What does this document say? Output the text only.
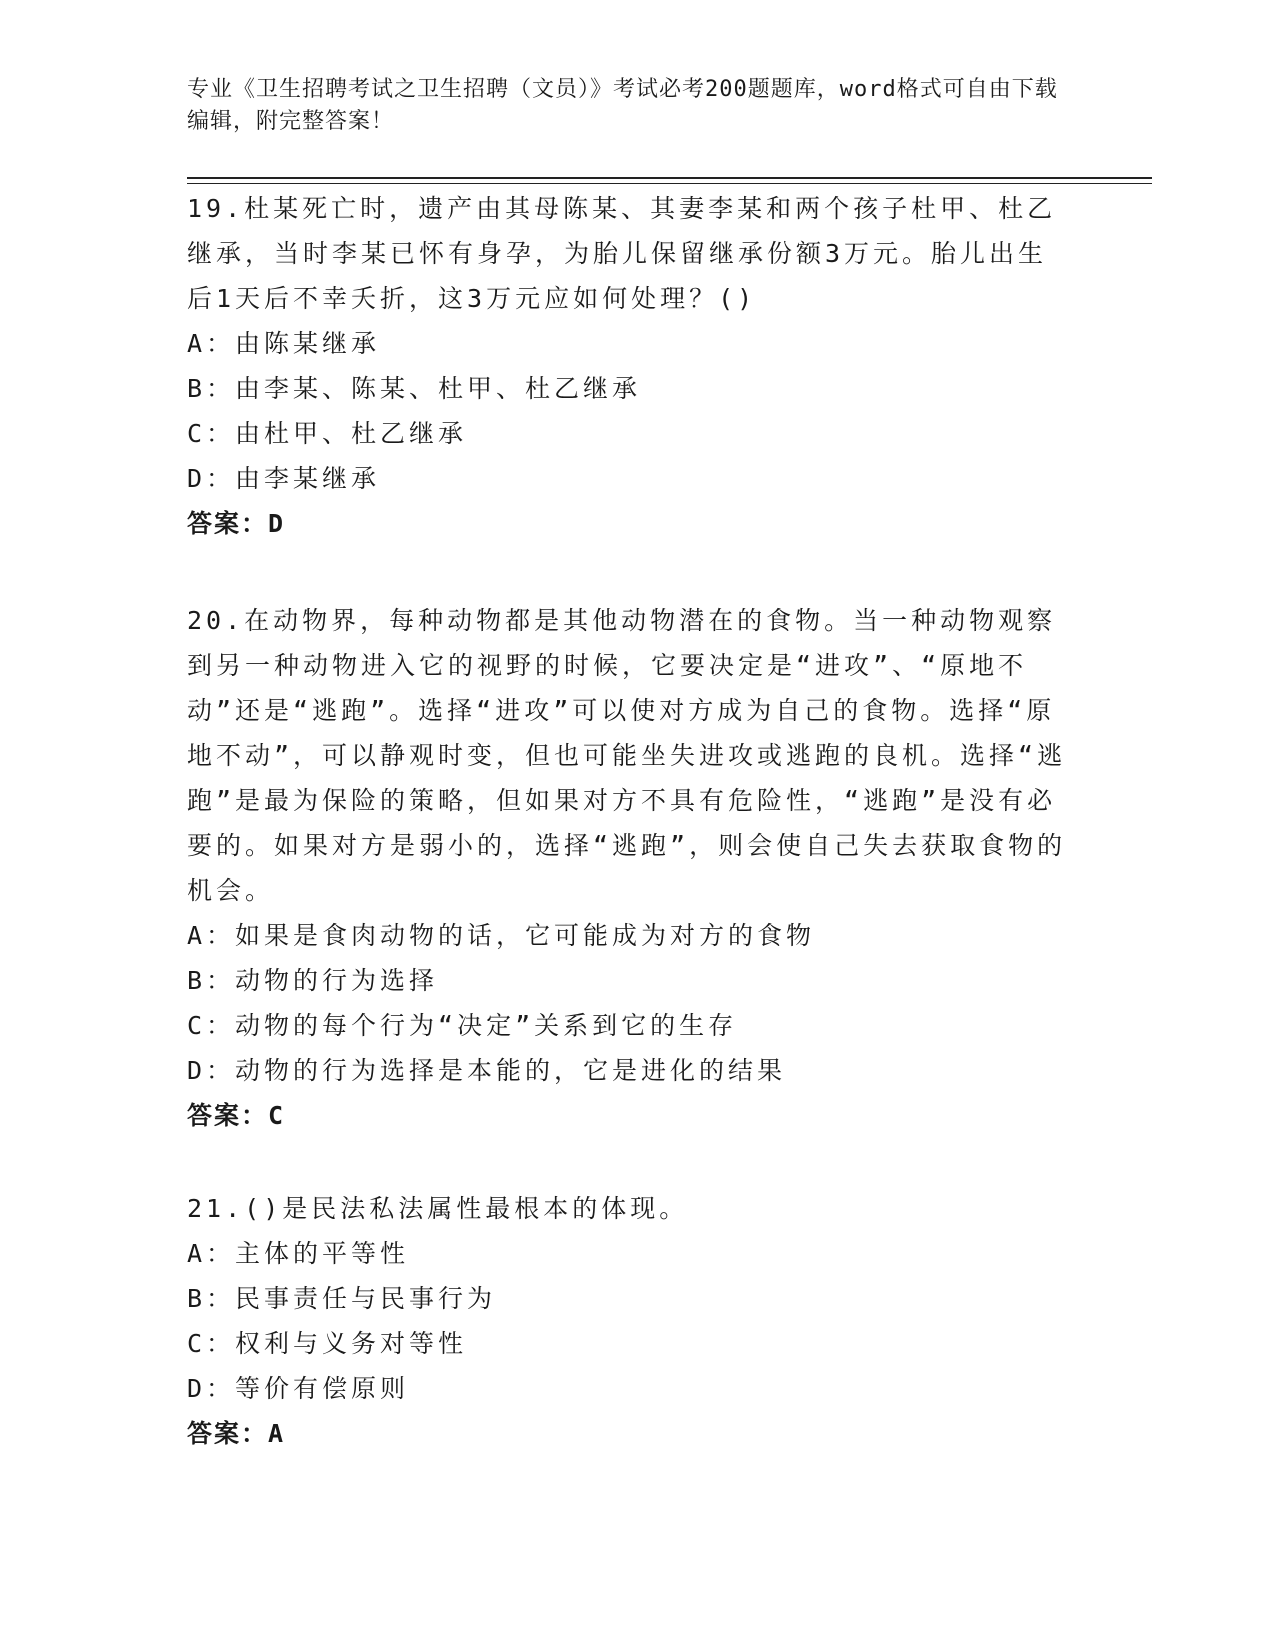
专业《卫生招聘考试之卫生招聘（文员）》考试必考200题题库，word格式可自由下载编辑，附完整答案！

19.杜某死亡时，遗产由其母陈某、其妻李某和两个孩子杜甲、杜乙继承，当时李某已怀有身孕，为胎儿保留继承份额3万元。胎儿出生后1天后不幸夭折，这3万元应如何处理？()

A：由陈某继承

B：由李某、陈某、杜甲、杜乙继承

C：由杜甲、杜乙继承

D：由李某继承

答案：D

20.在动物界，每种动物都是其他动物潜在的食物。当一种动物观察到另一种动物进入它的视野的时候，它要决定是“进攻”、“原地不动”还是“逃跑”。选择“进攻”可以使对方成为自己的食物。选择“原地不动”，可以静观时变，但也可能坐失进攻或逃跑的良机。选择“逃跑”是最为保险的策略，但如果对方不具有危险性，“逃跑”是没有必要的。如果对方是弱小的，选择“逃跑”，则会使自己失去获取食物的机会。

A：如果是食肉动物的话，它可能成为对方的食物

B：动物的行为选择

C：动物的每个行为“决定”关系到它的生存

D：动物的行为选择是本能的，它是进化的结果

答案：C

21.()是民法私法属性最根本的体现。

A：主体的平等性

B：民事责任与民事行为

C：权利与义务对等性

D：等价有偿原则

答案：A
